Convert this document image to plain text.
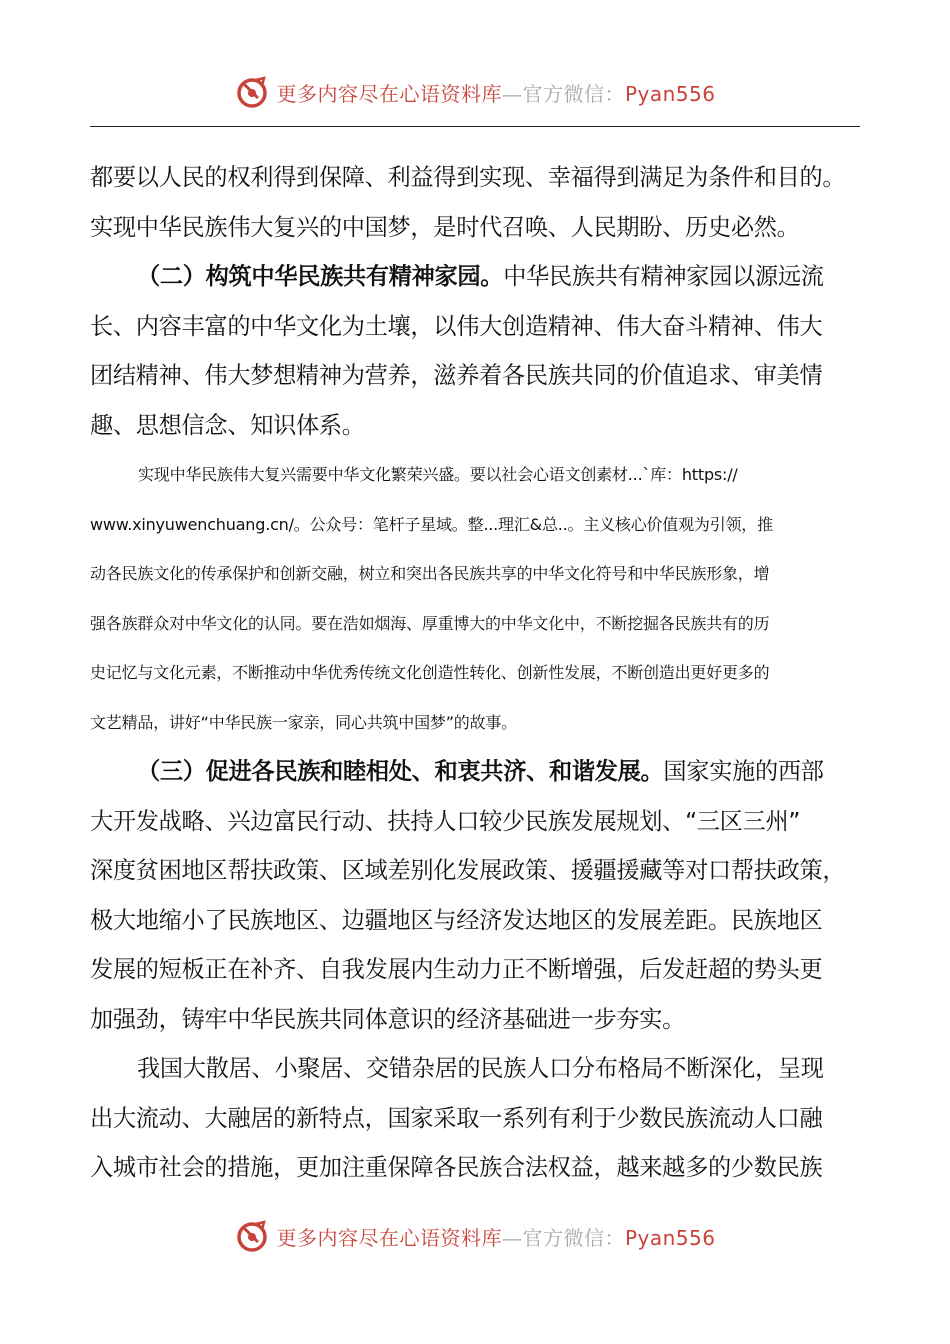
更多内容尽在心语资料库—官方微信：Pyan556

都要以人民的权利得到保障、利益得到实现、幸福得到满足为条件和目的。

实现中华民族伟大复兴的中国梦，是时代召唤、人民期盼、历史必然。

（二）构筑中华民族共有精神家园。中华民族共有精神家园以源远流

长、内容丰富的中华文化为土壤，以伟大创造精神、伟大奋斗精神、伟大

团结精神、伟大梦想精神为营养，滋养着各民族共同的价值追求、审美情

趣、思想信念、知识体系。

实现中华民族伟大复兴需要中华文化繁荣兴盛。要以社会心语文创素材...`库：https://

www.xinyuwenchuang.cn/。公众号：笔杆子星域。整...理汇&总..。主义核心价值观为引领，推

动各民族文化的传承保护和创新交融，树立和突出各民族共享的中华文化符号和中华民族形象，增

强各族群众对中华文化的认同。要在浩如烟海、厚重博大的中华文化中，不断挖掘各民族共有的历

史记忆与文化元素，不断推动中华优秀传统文化创造性转化、创新性发展，不断创造出更好更多的

文艺精品，讲好“中华民族一家亲，同心共筑中国梦”的故事。

（三）促进各民族和睦相处、和衷共济、和谐发展。国家实施的西部

大开发战略、兴边富民行动、扶持人口较少民族发展规划、“三区三州”

深度贫困地区帮扶政策、区域差别化发展政策、援疆援藏等对口帮扶政策，

极大地缩小了民族地区、边疆地区与经济发达地区的发展差距。民族地区

发展的短板正在补齐、自我发展内生动力正不断增强，后发赶超的势头更

加强劲，铸牢中华民族共同体意识的经济基础进一步夯实。

我国大散居、小聚居、交错杂居的民族人口分布格局不断深化，呈现

出大流动、大融居的新特点，国家采取一系列有利于少数民族流动人口融

入城市社会的措施，更加注重保障各民族合法权益，越来越多的少数民族

更多内容尽在心语资料库—官方微信：Pyan556
